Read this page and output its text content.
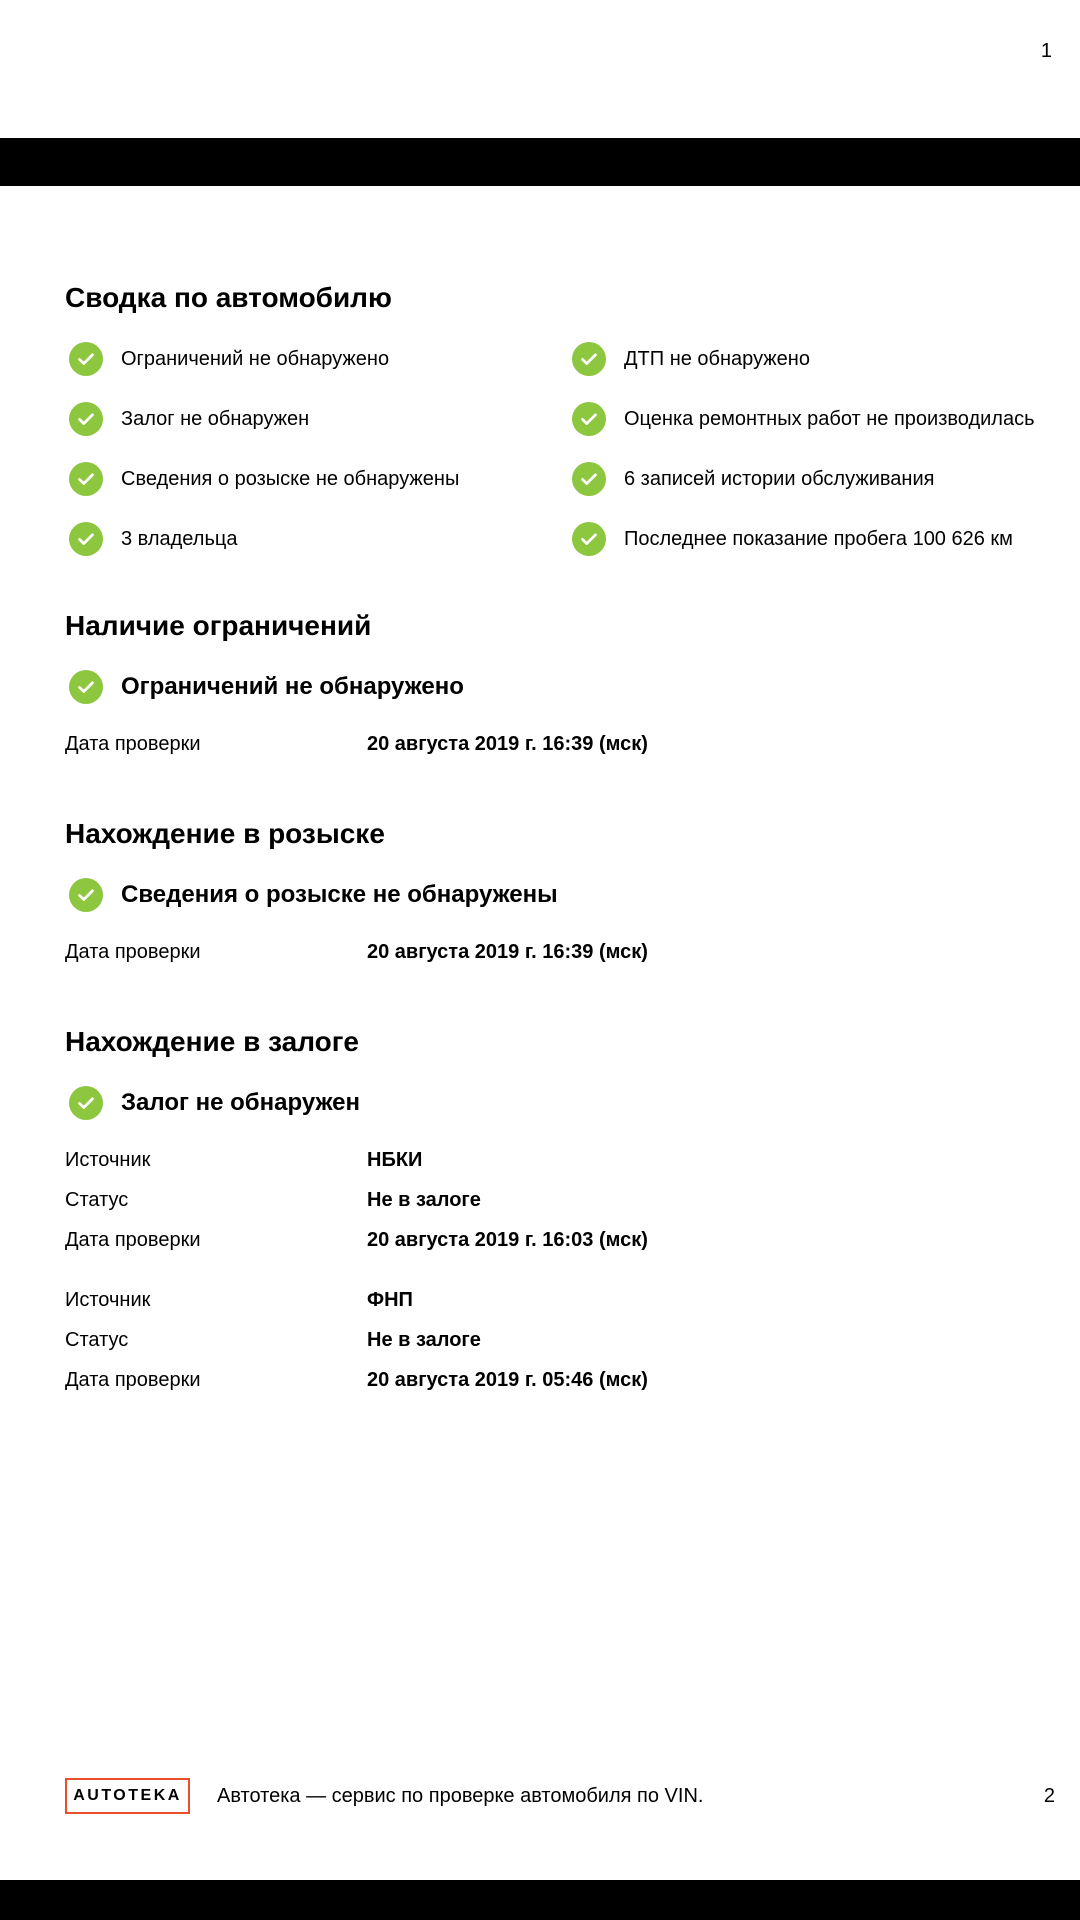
1
Сводка по автомобилю
Ограничений не обнаружено	ДТП не обнаружено
Залог не обнаружен	Оценка ремонтных работ не производилась
Сведения о розыске не обнаружены	6 записей истории обслуживания
3 владельца	Последнее показание пробега 100 626 км
Наличие ограничений
Ограничений не обнаружено
Дата проверки	20 августа 2019 г. 16:39 (мск)
Нахождение в розыске
Сведения о розыске не обнаружены
Дата проверки	20 августа 2019 г. 16:39 (мск)
Нахождение в залоге
Залог не обнаружен
Источник	НБКИ
Статус	Не в залоге
Дата проверки	20 августа 2019 г. 16:03 (мск)
Источник	ФНП
Статус	Не в залоге
Дата проверки	20 августа 2019 г. 05:46 (мск)
AUTOTEKA Автотека — сервис по проверке автомобиля по VIN.	2
